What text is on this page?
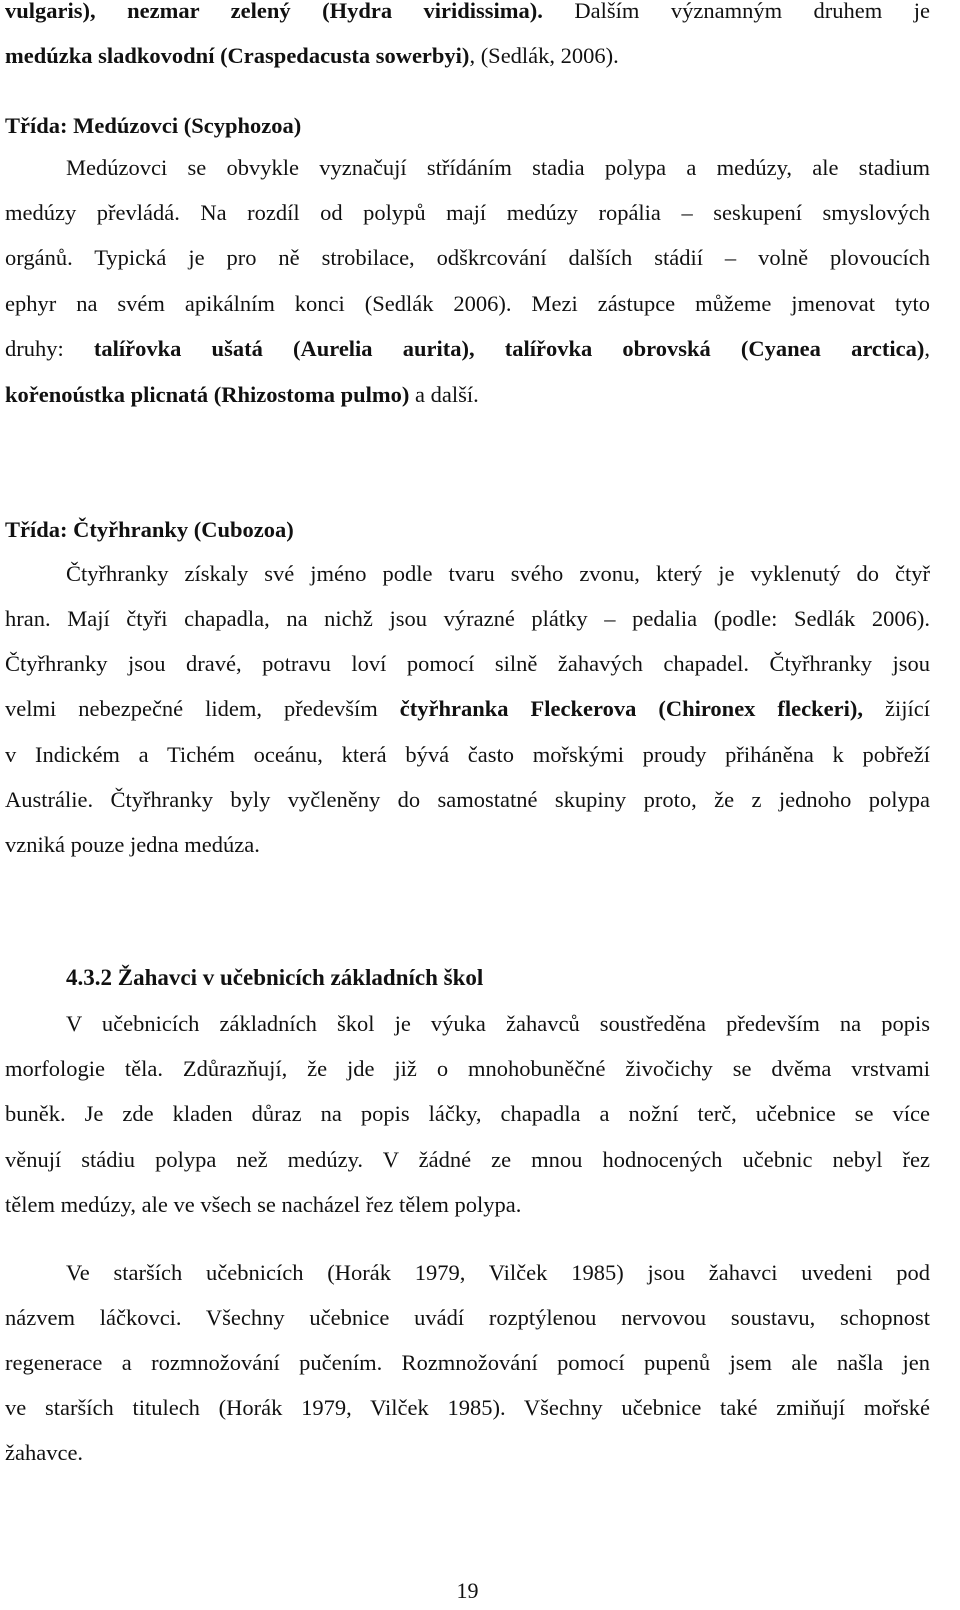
vulgaris), nezmar zelený (Hydra viridissima). Dalším významným druhem je
medúzka sladkovodní (Craspedacusta sowerbyi), (Sedlák, 2006).
Třída: Medúzovci (Scyphozoa)
Medúzovci se obvykle vyznačují střídáním stadia polypa a medúzy, ale stadium
medúzy převládá. Na rozdíl od polypů mají medúzy ropália – seskupení smyslových
orgánů. Typická je pro ně strobilace, odškrcování dalších stádií – volně plovoucích
ephyr na svém apikálním konci (Sedlák 2006). Mezi zástupce můžeme jmenovat tyto
druhy: talířovka ušatá (Aurelia aurita), talířovka obrovská (Cyanea arctica),
kořenoústka plicnatá (Rhizostoma pulmo) a další.
Třída: Čtyřhranky (Cubozoa)
Čtyřhranky získaly své jméno podle tvaru svého zvonu, který je vyklenutý do čtyř
hran. Mají čtyři chapadla, na nichž jsou výrazné plátky – pedalia (podle: Sedlák 2006).
Čtyřhranky jsou dravé, potravu loví pomocí silně žahavých chapadel. Čtyřhranky jsou
velmi nebezpečné lidem, především čtyřhranka Fleckerova (Chironex fleckeri), žijící
v Indickém a Tichém oceánu, která bývá často mořskými proudy přiháněna k pobřeží
Austrálie. Čtyřhranky byly vyčleněny do samostatné skupiny proto, že z jednoho polypa
vzniká pouze jedna medúza.
4.3.2 Žahavci v učebnicích základních škol
V učebnicích základních škol je výuka žahavců soustředěna především na popis
morfologie těla. Zdůrazňují, že jde již o mnohobuněčné živočichy se dvěma vrstvami
buněk. Je zde kladen důraz na popis láčky, chapadla a nožní terč, učebnice se více
věnují stádiu polypa než medúzy. V žádné ze mnou hodnocených učebnic nebyl řez
tělem medúzy, ale ve všech se nacházel řez tělem polypa.
Ve starších učebnicích (Horák 1979, Vilček 1985) jsou žahavci uvedeni pod
názvem láčkovci. Všechny učebnice uvádí rozptýlenou nervovou soustavu, schopnost
regenerace a rozmnožování pučením. Rozmnožování pomocí pupenů jsem ale našla jen
ve starších titulech (Horák 1979, Vilček 1985). Všechny učebnice také zmiňují mořské
žahavce.
19
